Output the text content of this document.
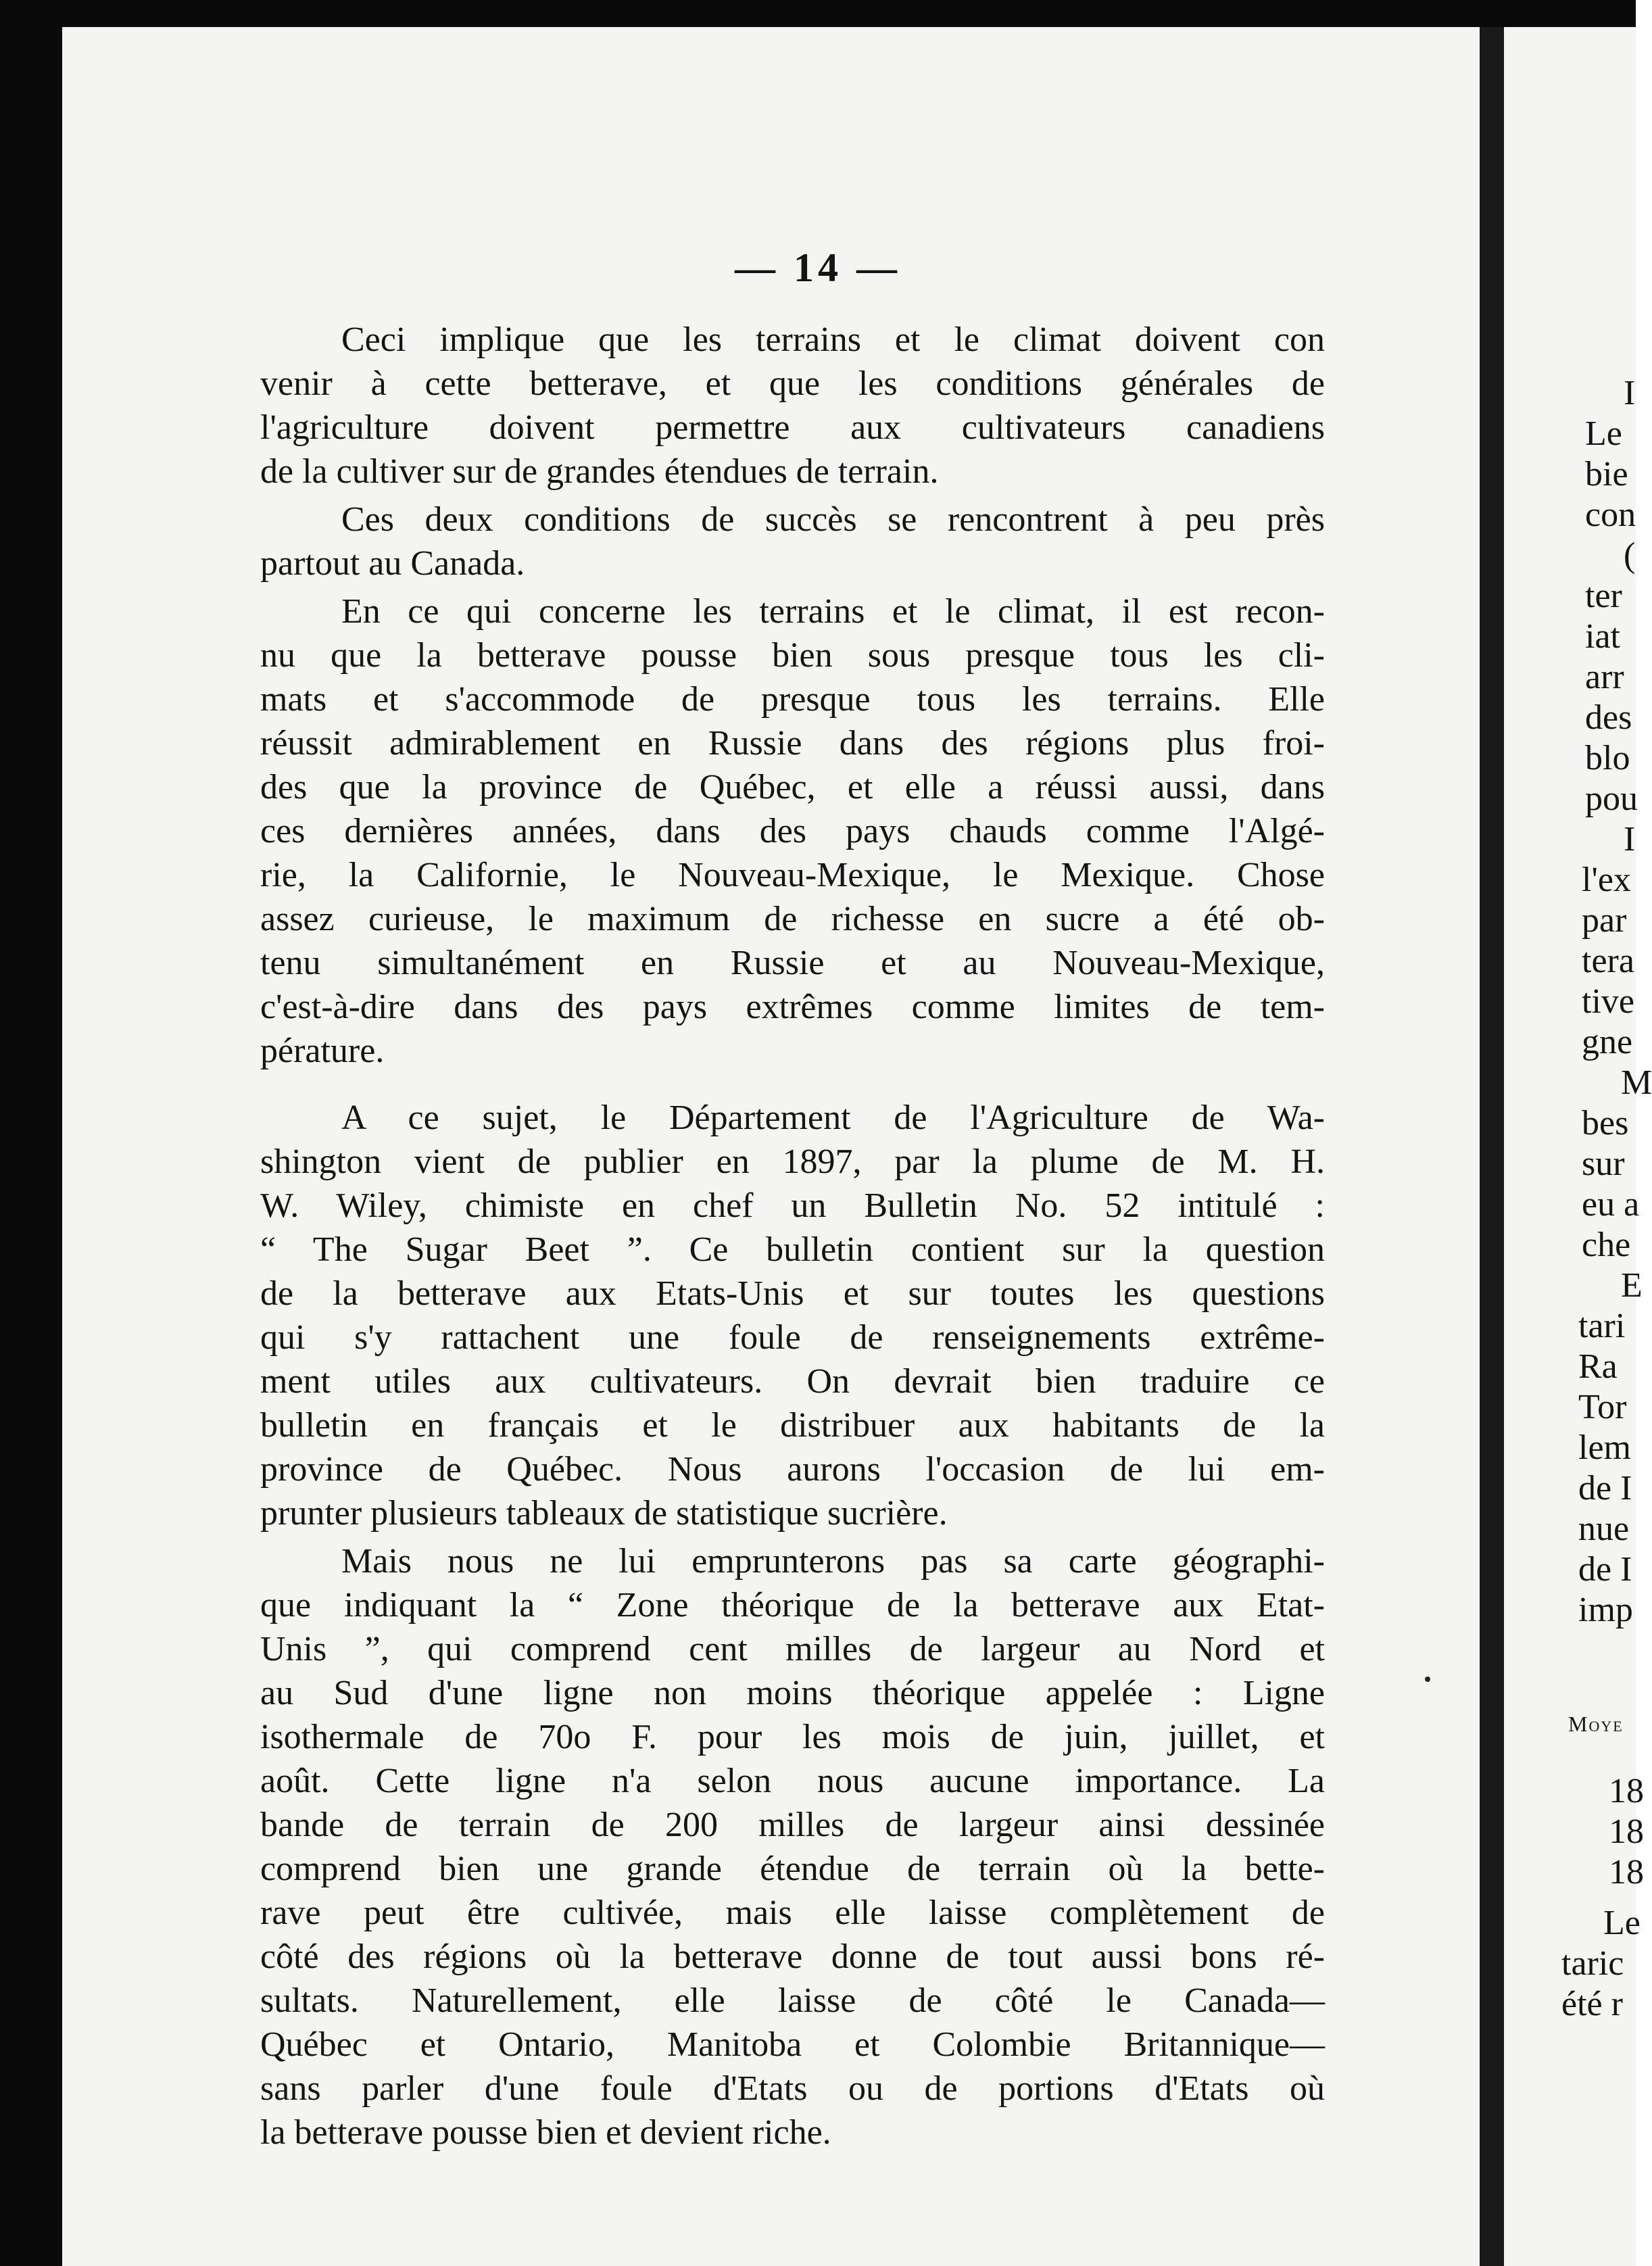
— 14 —

Ceci implique que les terrains et le climat doivent con
venir à cette betterave, et que les conditions générales de
l'agriculture doivent permettre aux cultivateurs canadiens
de la cultiver sur de grandes étendues de terrain.

Ces deux conditions de succès se rencontrent à peu près
partout au Canada.

En ce qui concerne les terrains et le climat, il est recon-
nu que la betterave pousse bien sous presque tous les cli-
mats et s'accommode de presque tous les terrains. Elle
réussit admirablement en Russie dans des régions plus froi-
des que la province de Québec, et elle a réussi aussi, dans
ces dernières années, dans des pays chauds comme l'Algé-
rie, la Californie, le Nouveau-Mexique, le Mexique. Chose
assez curieuse, le maximum de richesse en sucre a été ob-
tenu simultanément en Russie et au Nouveau-Mexique,
c'est-à-dire dans des pays extrêmes comme limites de tem-
pérature.

A ce sujet, le Département de l'Agriculture de Wa-
shington vient de publier en 1897, par la plume de M. H.
W. Wiley, chimiste en chef un Bulletin No. 52 intitulé :
“ The Sugar Beet ”. Ce bulletin contient sur la question
de la betterave aux Etats-Unis et sur toutes les questions
qui s'y rattachent une foule de renseignements extrême-
ment utiles aux cultivateurs. On devrait bien traduire ce
bulletin en français et le distribuer aux habitants de la
province de Québec. Nous aurons l'occasion de lui em-
prunter plusieurs tableaux de statistique sucrière.

Mais nous ne lui emprunterons pas sa carte géographi-
que indiquant la “ Zone théorique de la betterave aux Etat-
Unis ”, qui comprend cent milles de largeur au Nord et
au Sud d'une ligne non moins théorique appelée : Ligne
isothermale de 70o F. pour les mois de juin, juillet, et
août. Cette ligne n'a selon nous aucune importance. La
bande de terrain de 200 milles de largeur ainsi dessinée
comprend bien une grande étendue de terrain où la bette-
rave peut être cultivée, mais elle laisse complètement de
côté des régions où la betterave donne de tout aussi bons ré-
sultats. Naturellement, elle laisse de côté le Canada—
Québec et Ontario, Manitoba et Colombie Britannique—
sans parler d'une foule d'Etats ou de portions d'Etats où
la betterave pousse bien et devient riche.

I
Le
bie
con
(
ter
iat
arr
des
blo
pou
I
l'ex
par
tera
tive
gne
M
bes
sur
eu a
che
E
tari
Ra
Tor
lem
de I
nue
de I
imp
Moye
18
18
18
Le
taric
été r
